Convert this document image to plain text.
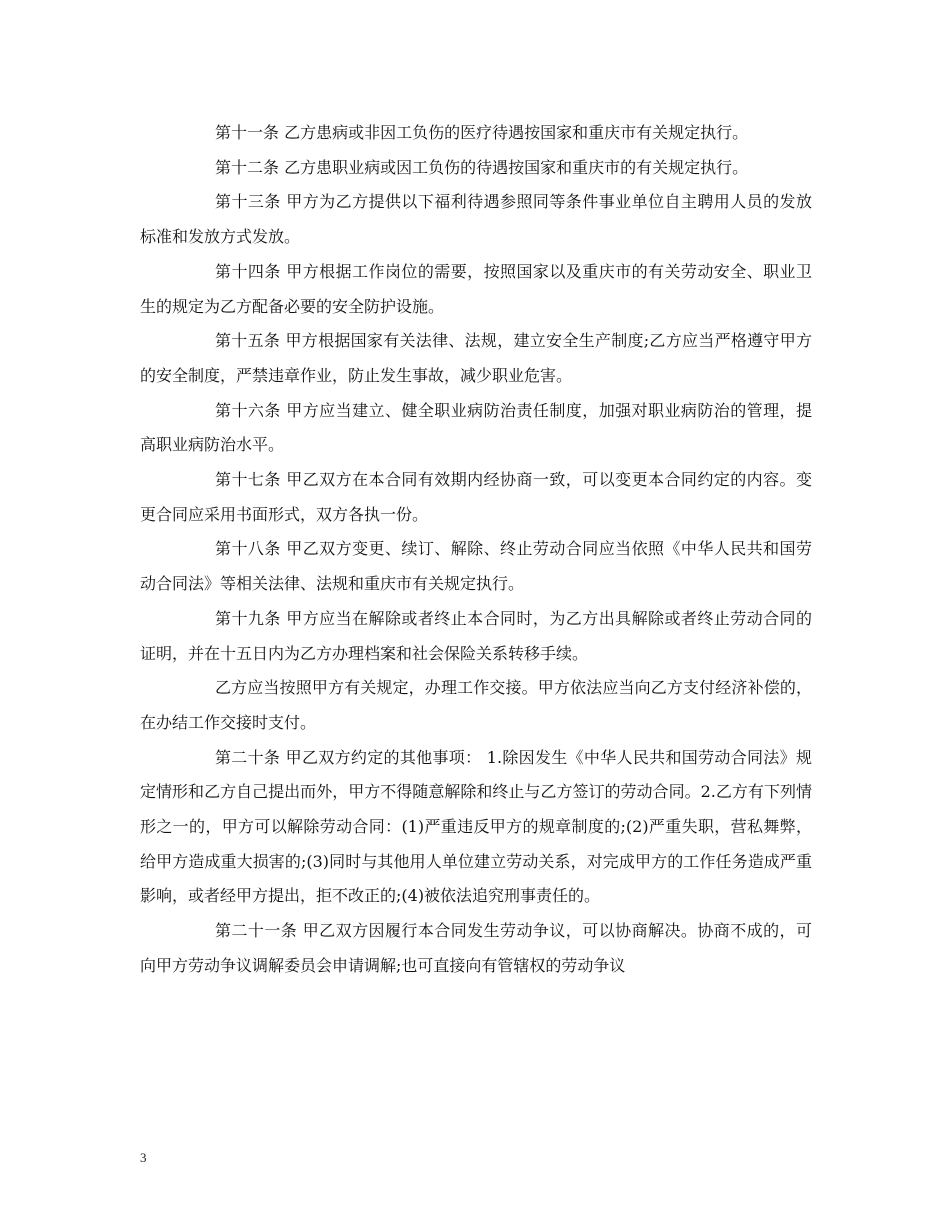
第十一条 乙方患病或非因工负伤的医疗待遇按国家和重庆市有关规定执行。

第十二条 乙方患职业病或因工负伤的待遇按国家和重庆市的有关规定执行。

第十三条 甲方为乙方提供以下福利待遇参照同等条件事业单位自主聘用人员的发放标准和发放方式发放。

第十四条 甲方根据工作岗位的需要，按照国家以及重庆市的有关劳动安全、职业卫生的规定为乙方配备必要的安全防护设施。

第十五条 甲方根据国家有关法律、法规，建立安全生产制度;乙方应当严格遵守甲方的安全制度，严禁违章作业，防止发生事故，减少职业危害。

第十六条 甲方应当建立、健全职业病防治责任制度，加强对职业病防治的管理，提高职业病防治水平。

第十七条 甲乙双方在本合同有效期内经协商一致，可以变更本合同约定的内容。变更合同应采用书面形式，双方各执一份。

第十八条 甲乙双方变更、续订、解除、终止劳动合同应当依照《中华人民共和国劳动合同法》等相关法律、法规和重庆市有关规定执行。

第十九条 甲方应当在解除或者终止本合同时，为乙方出具解除或者终止劳动合同的证明，并在十五日内为乙方办理档案和社会保险关系转移手续。

乙方应当按照甲方有关规定，办理工作交接。甲方依法应当向乙方支付经济补偿的，在办结工作交接时支付。

第二十条 甲乙双方约定的其他事项： 1.除因发生《中华人民共和国劳动合同法》规定情形和乙方自己提出而外，甲方不得随意解除和终止与乙方签订的劳动合同。2.乙方有下列情形之一的，甲方可以解除劳动合同：(1)严重违反甲方的规章制度的;(2)严重失职，营私舞弊，给甲方造成重大损害的;(3)同时与其他用人单位建立劳动关系，对完成甲方的工作任务造成严重影响，或者经甲方提出，拒不改正的;(4)被依法追究刑事责任的。

第二十一条 甲乙双方因履行本合同发生劳动争议，可以协商解决。协商不成的，可向甲方劳动争议调解委员会申请调解;也可直接向有管辖权的劳动争议

3
